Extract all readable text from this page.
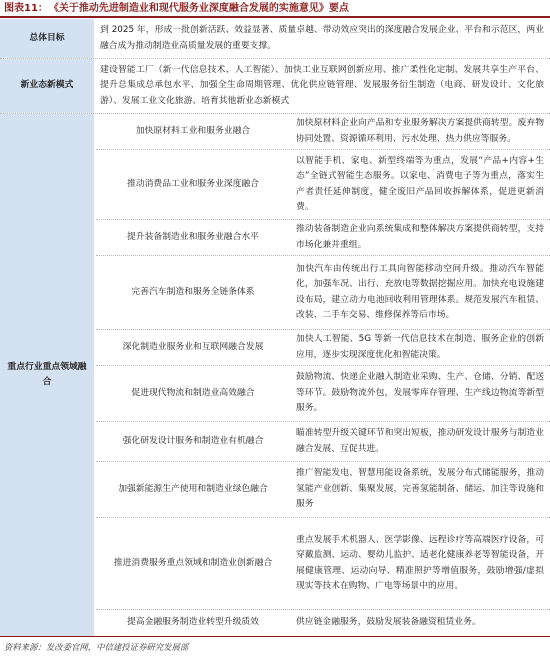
图表11： 《关于推动先进制造业和现代服务业深度融合发展的实施意见》要点
总体目标
到 2025 年，形成一批创新活跃、效益显著、质量卓越、带动效应突出的深度融合发展企业、平台和示范区，两业融合成为推动制造业高质量发展的重要支撑。
新业态新模式
建设智能工厂（新一代信息技术、人工智能）、加快工业互联网创新应用、推广柔性化定制、发展共享生产平台、提升总集成总承包水平、加强全生命周期管理、优化供应链管理、发展服务衍生制造（电商、研发设计、文化旅游）、发展工业文化旅游、培育其他新业态新模式
重点行业重点领域融合
加快原材料工业和服务业融合
加快原材料企业向产品和专业服务解决方案提供商转型。废弃物协同处置、资源循环利用、污水处理、热力供应等服务。
推动消费品工业和服务业深度融合
以智能手机、家电、新型终端等为重点，发展“产品+内容+生态”全链式智能生态服务。以家电、消费电子等为重点，落实生产者责任延伸制度，健全废旧产品回收拆解体系，促进更新消费。
提升装备制造业和服务业融合水平
推动装备制造企业向系统集成和整体解决方案提供商转型，支持市场化兼并重组。
完善汽车制造和服务全链条体系
加快汽车由传统出行工具向智能移动空间升级。推动汽车智能化，加强车况、出行、充放电等数据挖掘应用。加快充电设施建设布局，建立动力电池回收利用管理体系。规范发展汽车租赁、改装、二手车交易、维修保养等后市场。
深化制造业服务业和互联网融合发展
加快人工智能、5G 等新一代信息技术在制造、服务企业的创新应用，逐步实现深度优化和智能决策。
促进现代物流和制造业高效融合
鼓励物流、快递企业融入制造业采购、生产、仓储、分销、配送等环节。鼓励物流外包，发展零库存管理、生产线边物流等新型服务。
强化研发设计服务和制造业有机融合
瞄准转型升级关键环节和突出短板，推动研发设计服务与制造业融合发展、互促共进。
加强新能源生产使用和制造业绿色融合
推广智能发电、智慧用能设备系统，发展分布式储能服务，推动氢能产业创新、集聚发展，完善氢能制备、储运、加注等设施和服务
推进消费服务重点领域和制造业创新融合
重点发展手术机器人、医学影像、远程诊疗等高端医疗设备，可穿戴监测、运动、婴幼儿监护、适老化健康养老等智能设备，开展健康管理、运动向导、精准照护等增值服务，鼓励增强/虚拟现实等技术在购物、广电等场景中的应用。
提高金融服务制造业转型升级质效	供应链金融服务，鼓励发展装备融资租赁业务。
资料来源：发改委官网，中信建投证券研究发展部
